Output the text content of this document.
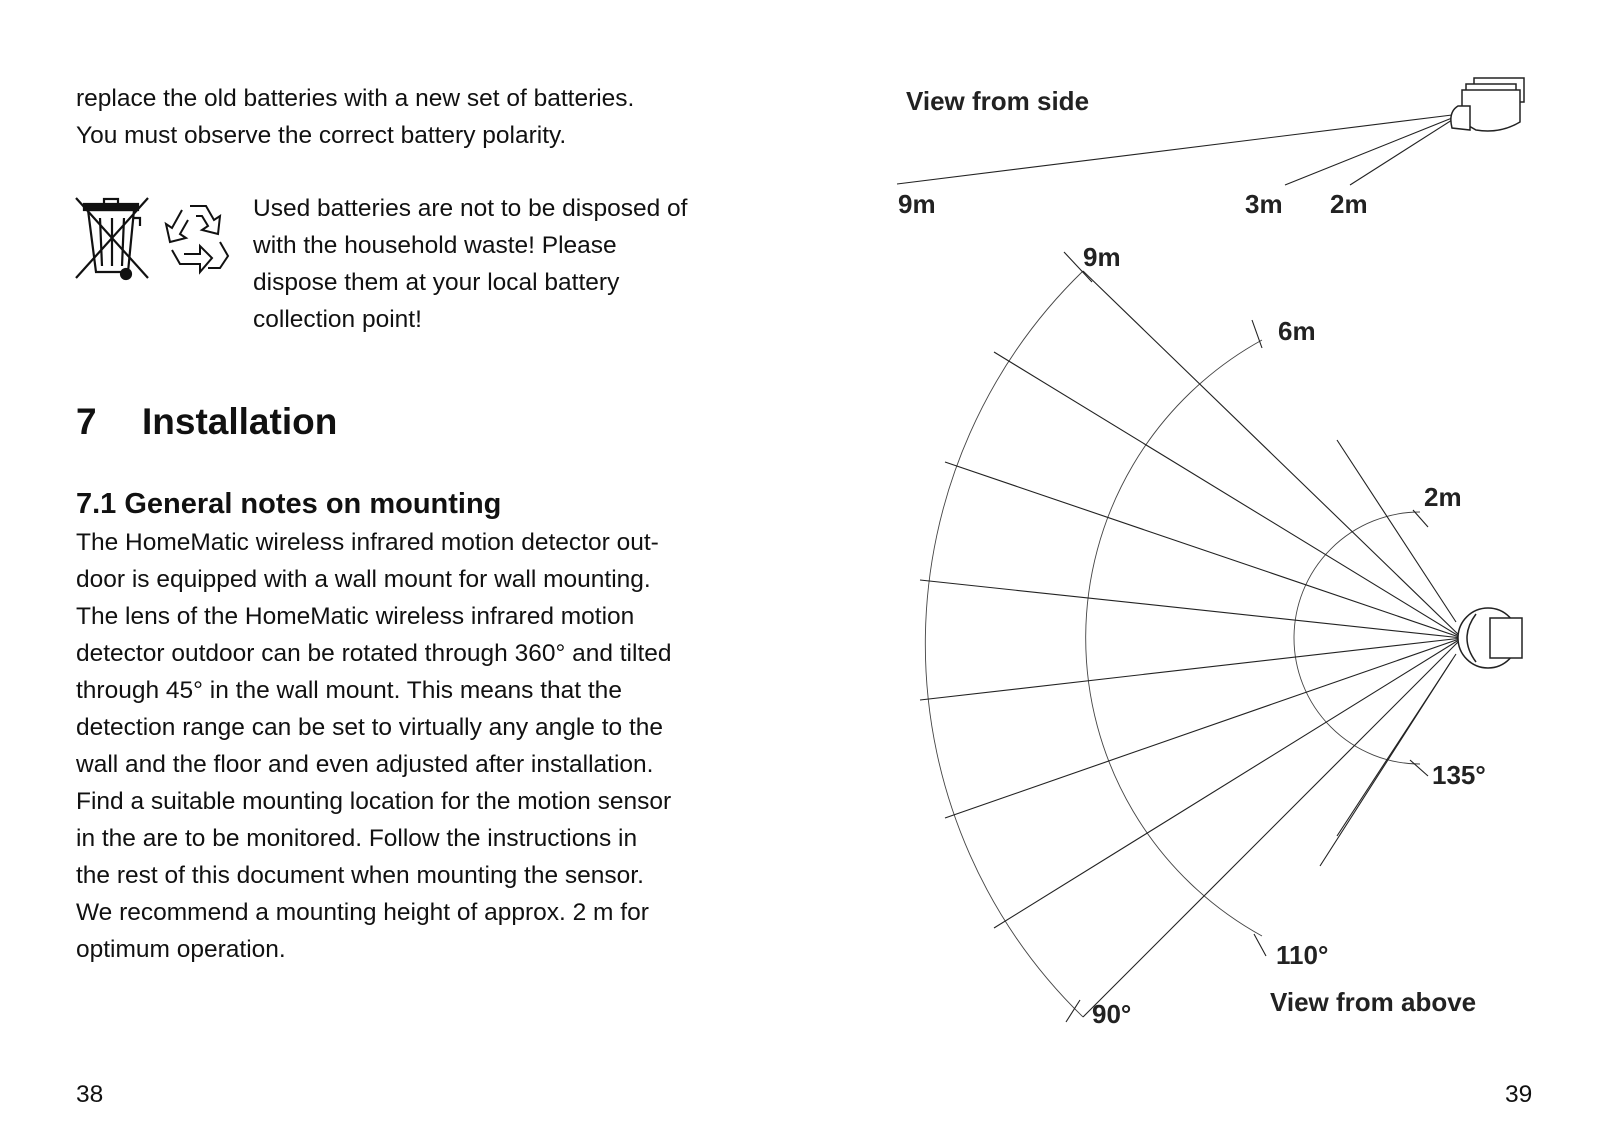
replace the old batteries with a new set of batteries.
You must observe the correct battery polarity.
Used batteries are not to be disposed of
with the household waste! Please
dispose them at your local battery
collection point!
7 Installation
7.1 General notes on mounting
The HomeMatic wireless infrared motion detector out-
door is equipped with a wall mount for wall mounting.
The lens of the HomeMatic wireless infrared motion
detector outdoor can be rotated through 360° and tilted
through 45° in the wall mount. This means that the
detection range can be set to virtually any angle to the
wall and the floor and even adjusted after installation.
Find a suitable mounting location for the motion sensor
in the are to be monitored. Follow the instructions in
the rest of this document when mounting the sensor.
We recommend a mounting height of approx. 2 m for
optimum operation.
38
View from side
9m	3m 2m
9m
6m
2m
135°
110°
90°	View from above
39
